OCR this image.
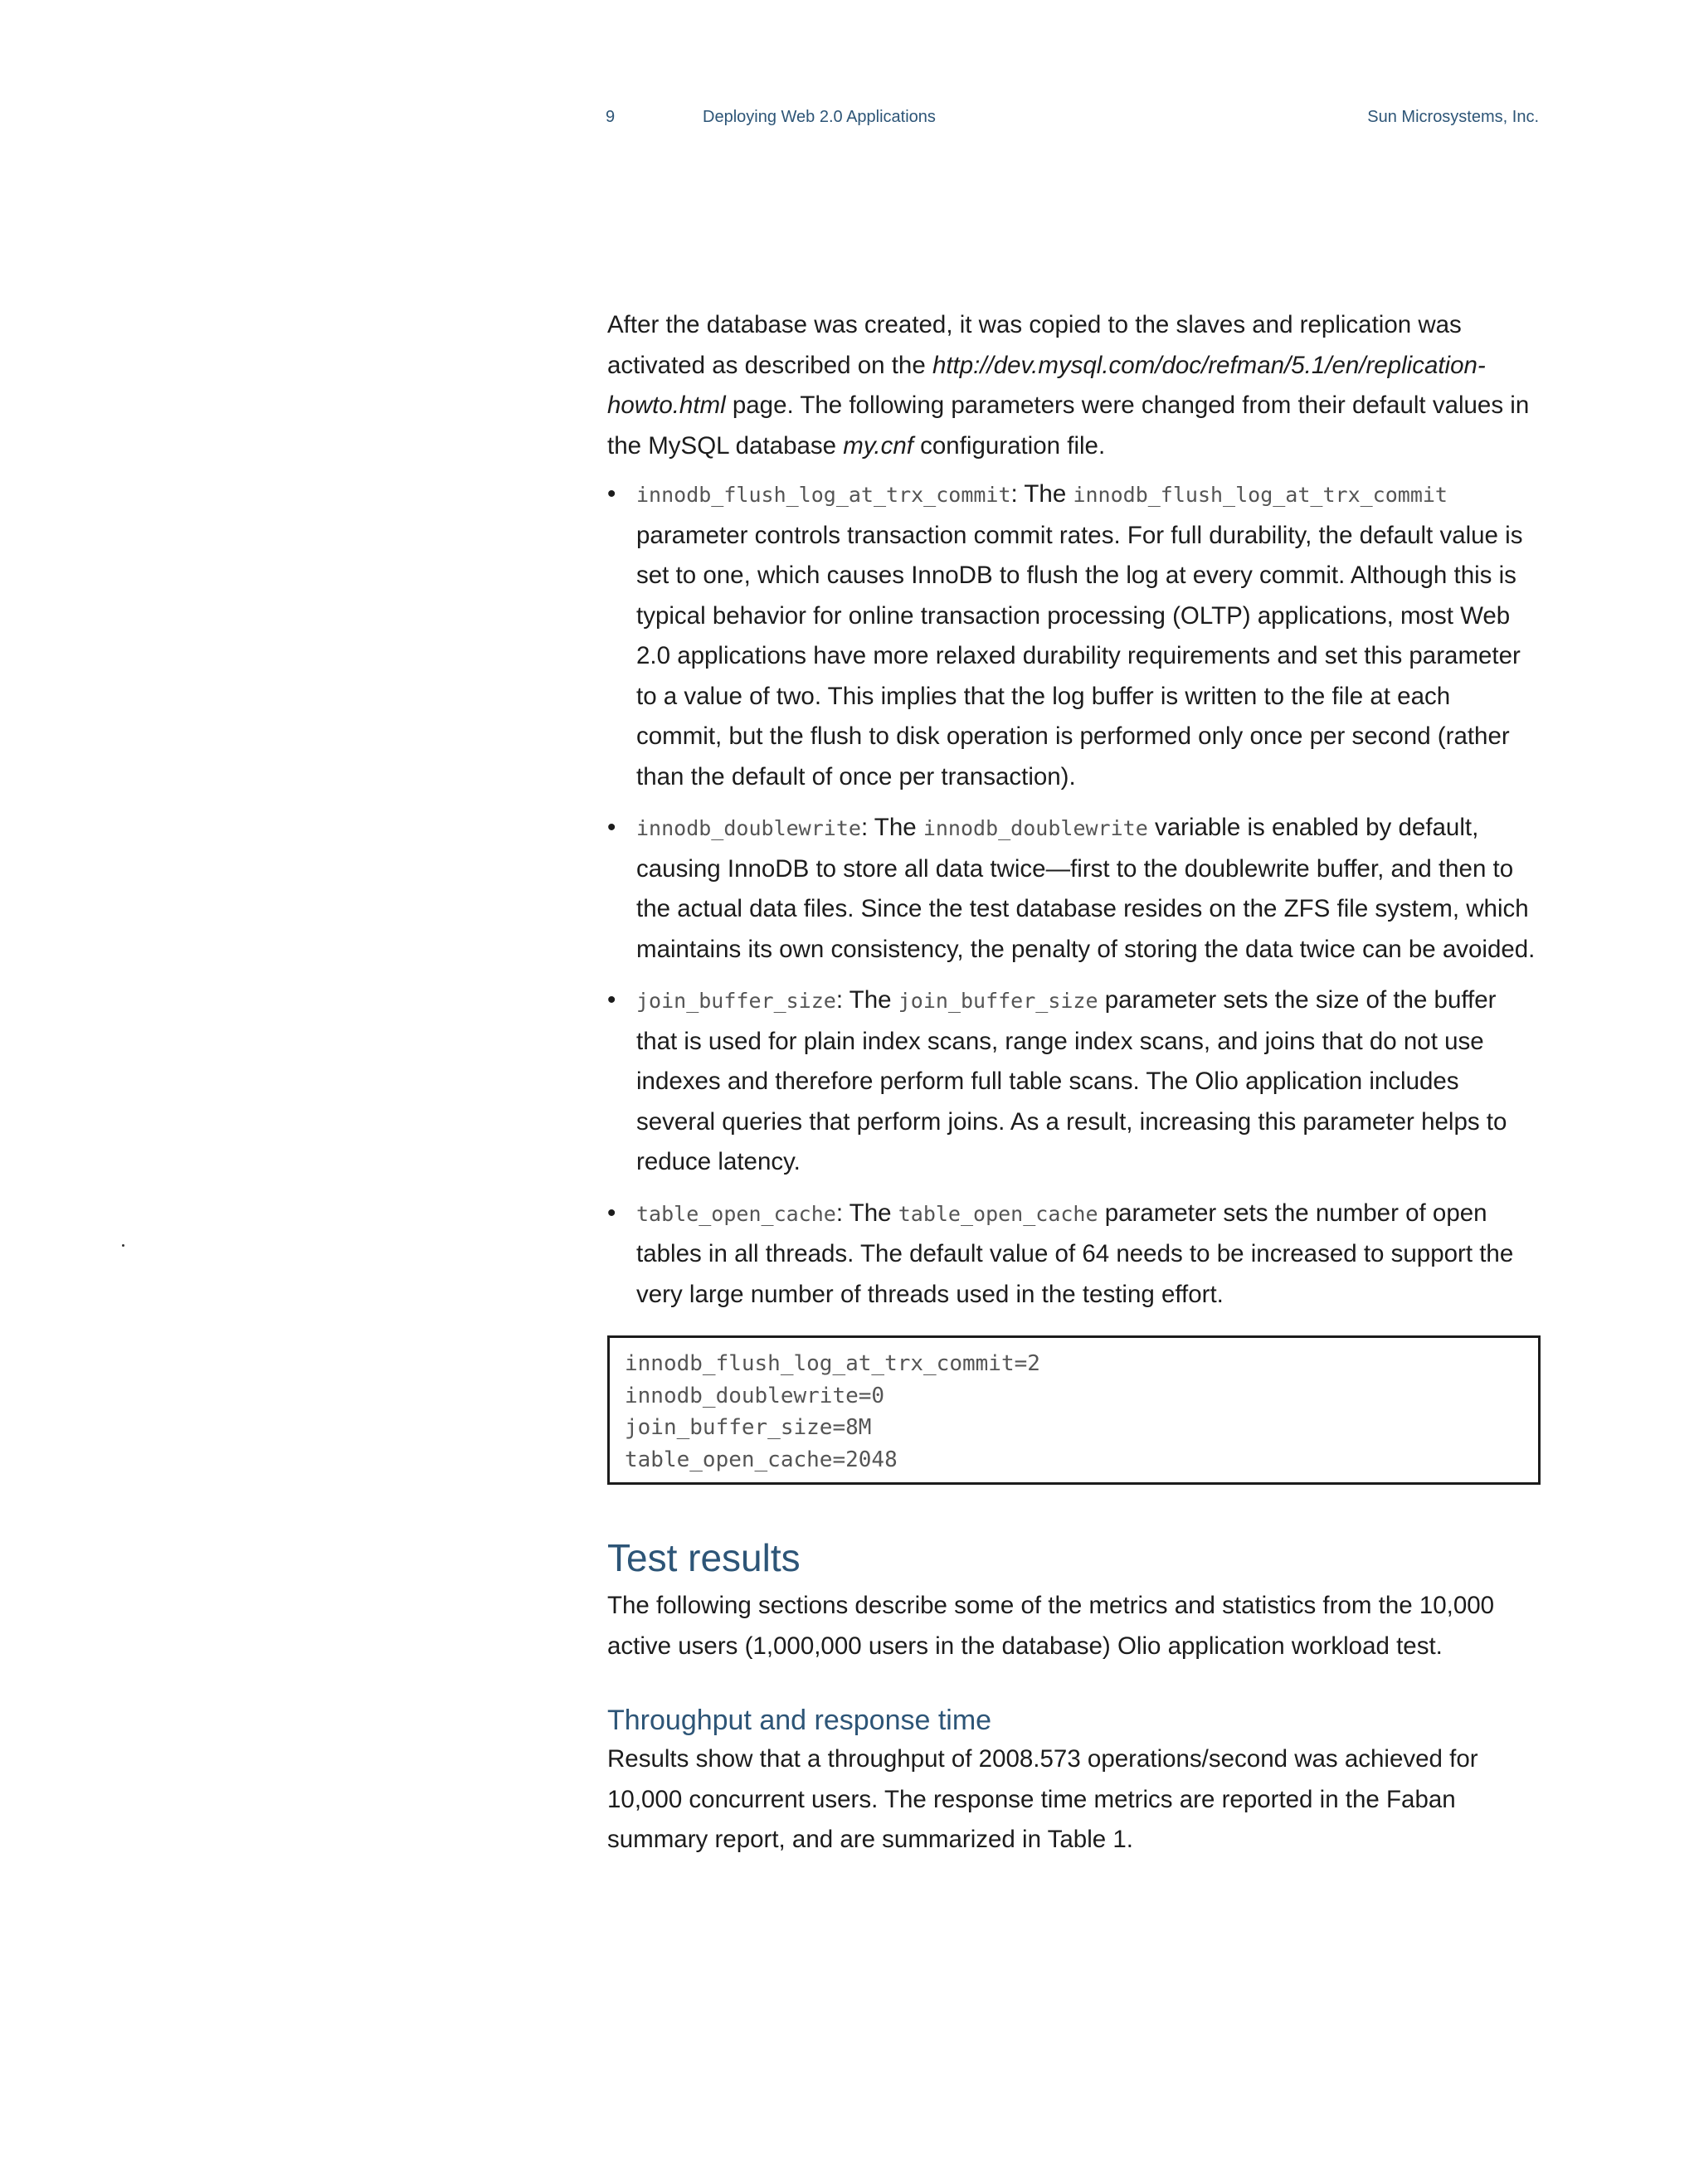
9	Deploying Web 2.0 Applications	Sun Microsystems, Inc.

After the database was created, it was copied to the slaves and replication was activated as described on the http://dev.mysql.com/doc/refman/5.1/en/replication-howto.html page. The following parameters were changed from their default values in the MySQL database my.cnf configuration file.

• innodb_flush_log_at_trx_commit: The innodb_flush_log_at_trx_commit parameter controls transaction commit rates. For full durability, the default value is set to one, which causes InnoDB to flush the log at every commit. Although this is typical behavior for online transaction processing (OLTP) applications, most Web 2.0 applications have more relaxed durability requirements and set this parameter to a value of two. This implies that the log buffer is written to the file at each commit, but the flush to disk operation is performed only once per second (rather than the default of once per transaction).
• innodb_doublewrite: The innodb_doublewrite variable is enabled by default, causing InnoDB to store all data twice—first to the doublewrite buffer, and then to the actual data files. Since the test database resides on the ZFS file system, which maintains its own consistency, the penalty of storing the data twice can be avoided.
• join_buffer_size: The join_buffer_size parameter sets the size of the buffer that is used for plain index scans, range index scans, and joins that do not use indexes and therefore perform full table scans. The Olio application includes several queries that perform joins. As a result, increasing this parameter helps to reduce latency.
• table_open_cache: The table_open_cache parameter sets the number of open tables in all threads. The default value of 64 needs to be increased to support the very large number of threads used in the testing effort.
innodb_flush_log_at_trx_commit=2
innodb_doublewrite=0
join_buffer_size=8M
table_open_cache=2048
Test results

The following sections describe some of the metrics and statistics from the 10,000 active users (1,000,000 users in the database) Olio application workload test.

Throughput and response time

Results show that a throughput of 2008.573 operations/second was achieved for 10,000 concurrent users. The response time metrics are reported in the Faban summary report, and are summarized in Table 1.
